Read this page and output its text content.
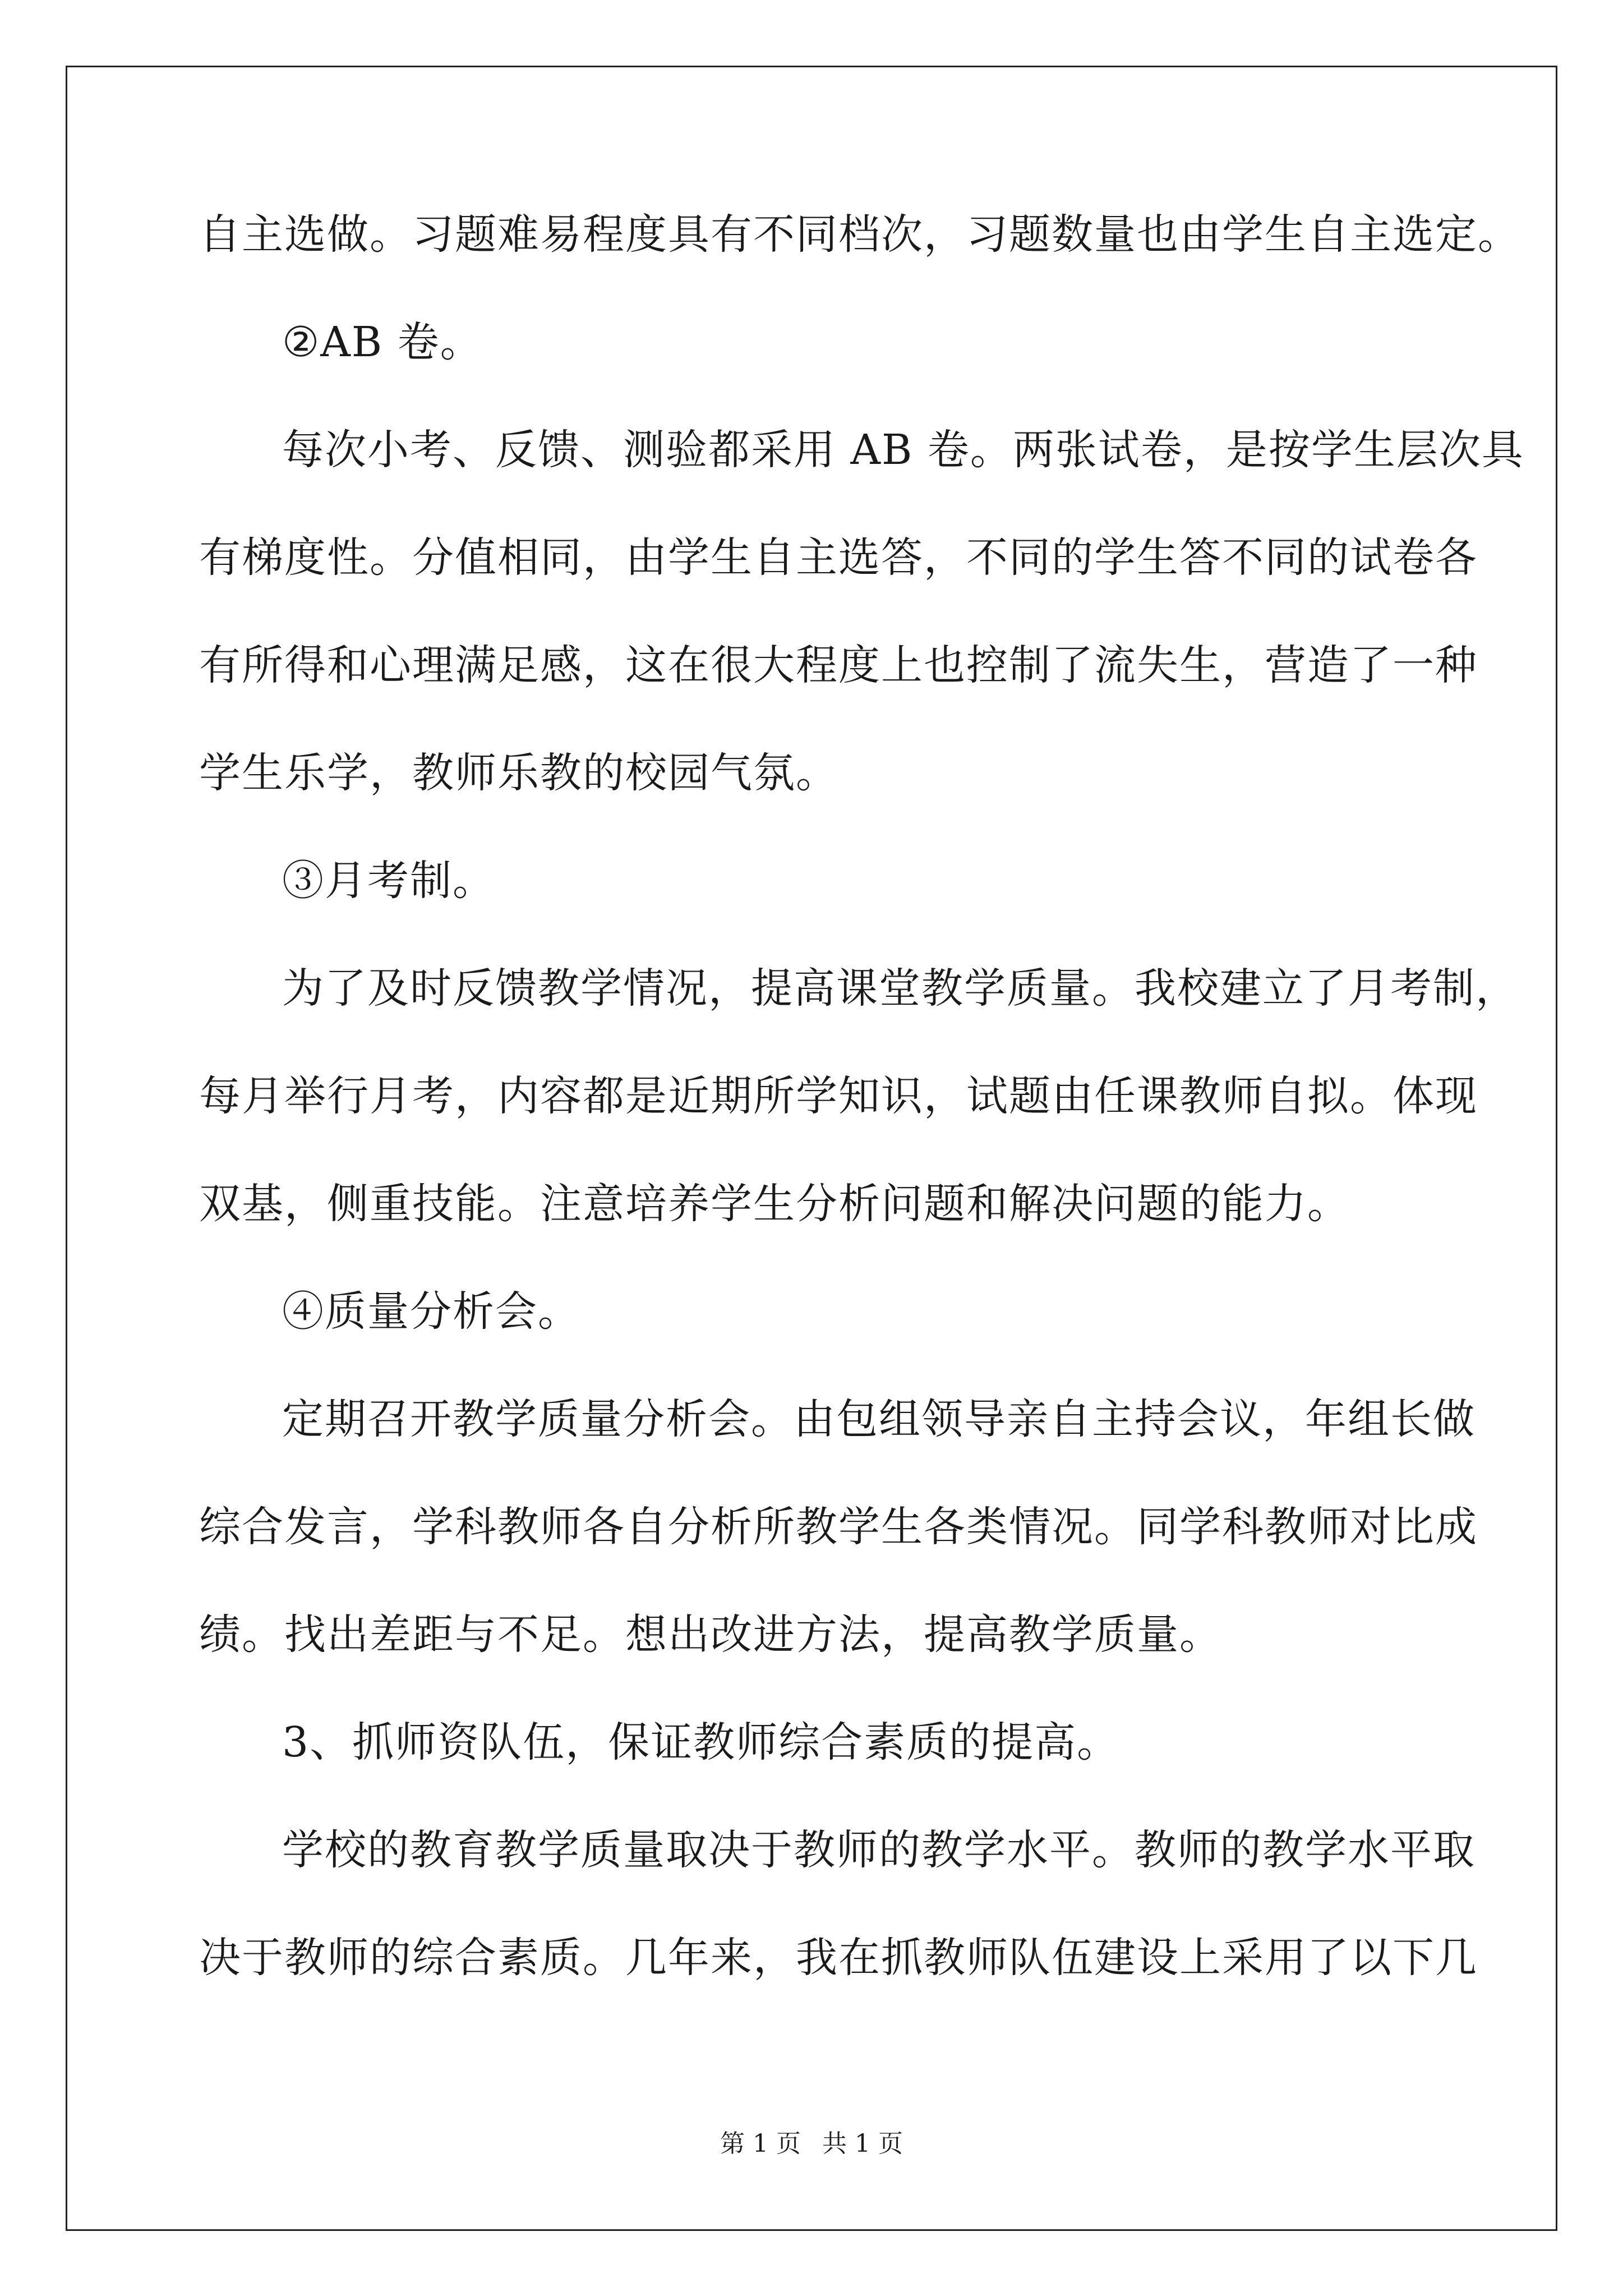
自主选做。习题难易程度具有不同档次，习题数量也由学生自主选定。
②AB 卷。
每次小考、反馈、测验都采用 AB 卷。两张试卷，是按学生层次具
有梯度性。分值相同，由学生自主选答，不同的学生答不同的试卷各
有所得和心理满足感，这在很大程度上也控制了流失生，营造了一种
学生乐学，教师乐教的校园气氛。
③月考制。
为了及时反馈教学情况，提高课堂教学质量。我校建立了月考制，
每月举行月考，内容都是近期所学知识，试题由任课教师自拟。体现
双基，侧重技能。注意培养学生分析问题和解决问题的能力。
④质量分析会。
定期召开教学质量分析会。由包组领导亲自主持会议，年组长做
综合发言，学科教师各自分析所教学生各类情况。同学科教师对比成
绩。找出差距与不足。想出改进方法，提高教学质量。
3、抓师资队伍，保证教师综合素质的提高。
学校的教育教学质量取决于教师的教学水平。教师的教学水平取
决于教师的综合素质。几年来，我在抓教师队伍建设上采用了以下几
第 1 页 共 1 页
